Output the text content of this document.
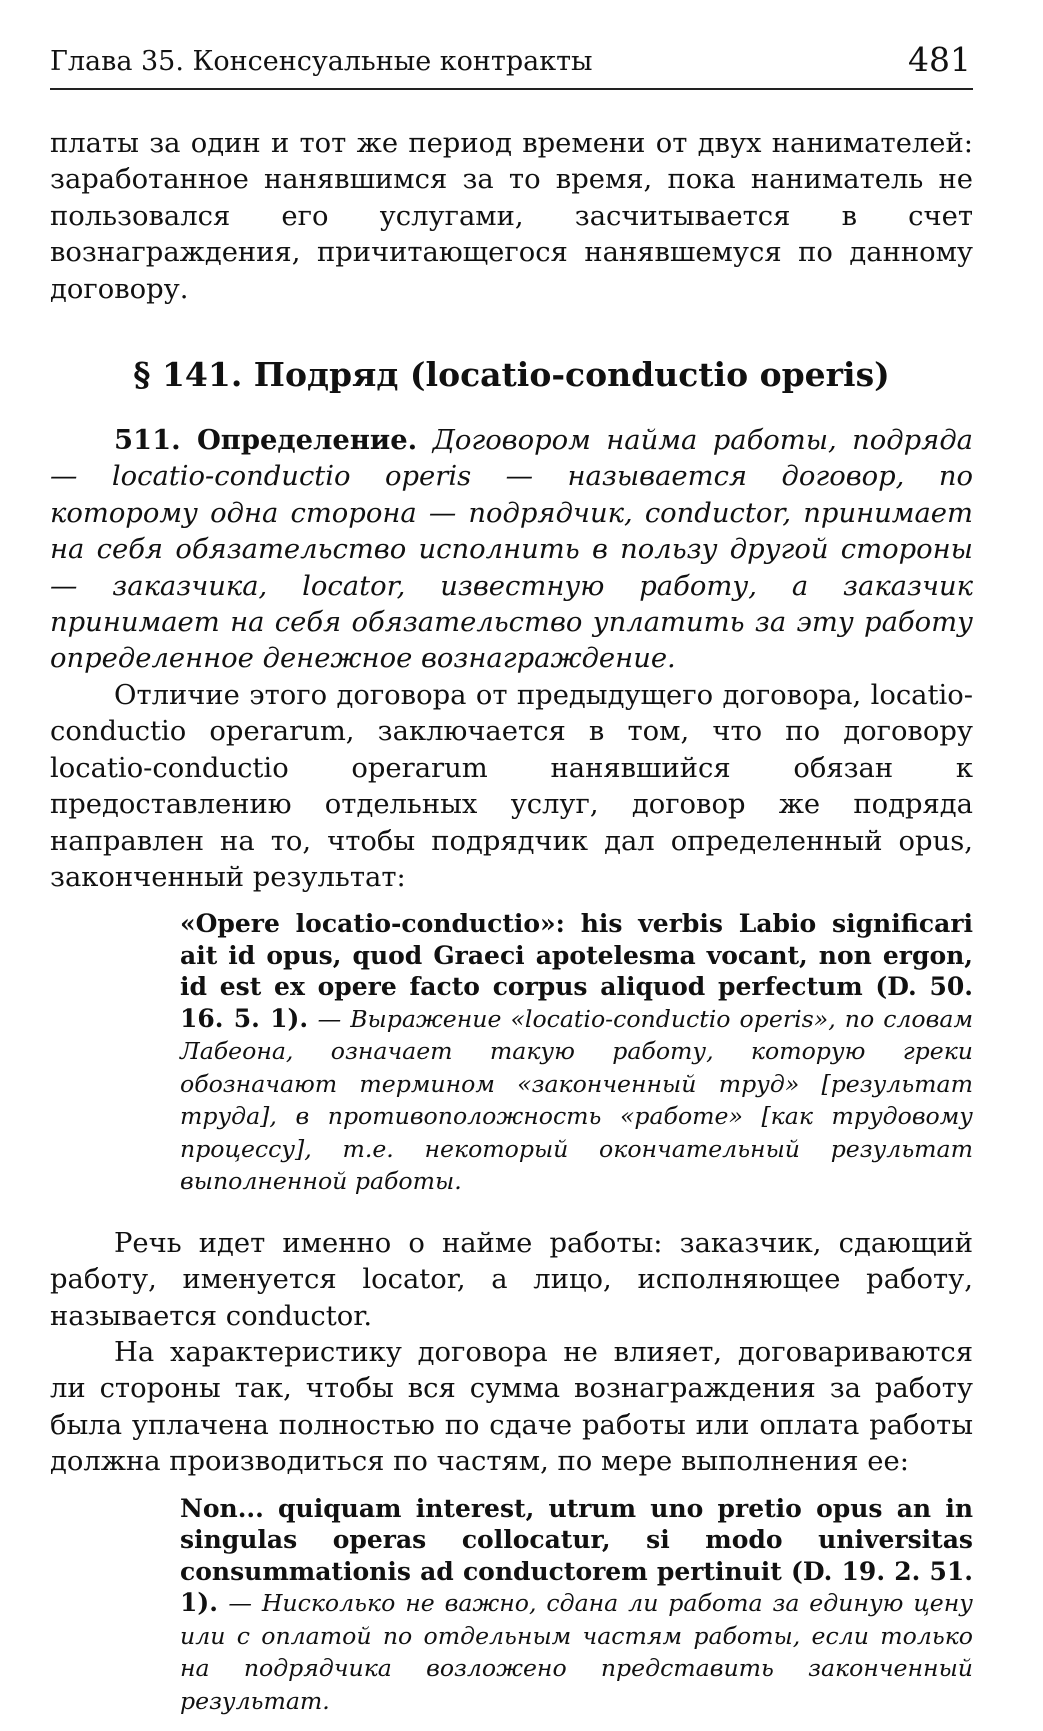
Глава 35. Консенсуальные контракты	481

платы за один и тот же период времени от двух нанимателей: заработанное нанявшимся за то время, пока наниматель не пользовался его услугами, засчитывается в счет вознаграждения, причитающегося нанявшемуся по данному договору.

§ 141. Подряд (locatio-conductio operis)

511. Определение. Договором найма работы, подряда — locatio-conductio operis — называется договор, по которому одна сторона — подрядчик, conductor, принимает на себя обязательство исполнить в пользу другой стороны — заказчика, locator, известную работу, а заказчик принимает на себя обязательство уплатить за эту работу определенное денежное вознаграждение.

Отличие этого договора от предыдущего договора, locatio-conductio operarum, заключается в том, что по договору locatio-conductio operarum нанявшийся обязан к предоставлению отдельных услуг, договор же подряда направлен на то, чтобы подрядчик дал определенный opus, законченный результат:

«Opere locatio-conductio»: his verbis Labio significari ait id opus, quod Graeci apotelesma vocant, non ergon, id est ex opere facto corpus aliquod perfectum (D. 50. 16. 5. 1). — Выражение «locatio-conductio operis», по словам Лабеона, означает такую работу, которую греки обозначают термином «законченный труд» [результат труда], в противоположность «работе» [как трудовому процессу], т.е. некоторый окончательный результат выполненной работы.

Речь идет именно о найме работы: заказчик, сдающий работу, именуется locator, а лицо, исполняющее работу, называется conductor.

На характеристику договора не влияет, договариваются ли стороны так, чтобы вся сумма вознаграждения за работу была уплачена полностью по сдаче работы или оплата работы должна производиться по частям, по мере выполнения ее:

Non... quiquam interest, utrum uno pretio opus an in singulas operas collocatur, si modo universitas consummationis ad conductorem pertinuit (D. 19. 2. 51. 1). — Нисколько не важно, сдана ли работа за единую цену или с оплатой по отдельным частям работы, если только на подрядчика возложено представить законченный результат.
